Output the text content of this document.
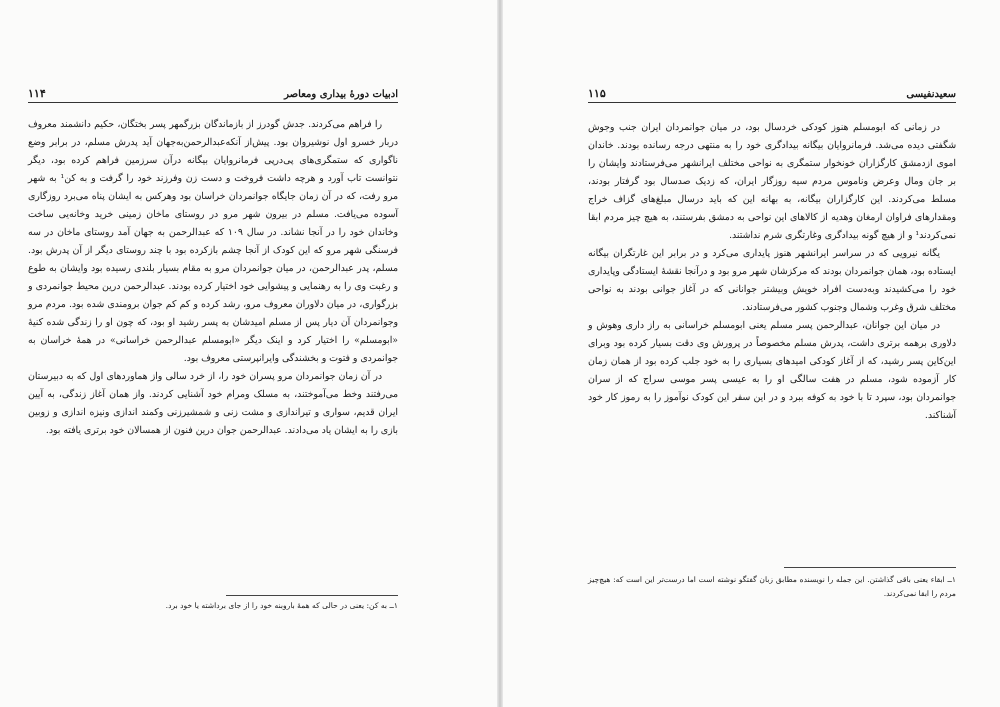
ادبیات دورهٔ بیداری ومعاصر
۱۱۴

را فراهم می‌کردند. جدش گودرز از بازماندگان بزرگمهر پسر بختگان، حکیم دانشمند معروف دربار خسرو اول نوشیروان بود. پیش‌از آنکه‌عبدالرحمن‌به‌جهان آید پدرش مسلم، در برابر وضع ناگواری که ستمگری‌های پی‌درپی فرمانروایان بیگانه درآن سرزمین فراهم کرده بود، دیگر نتوانست تاب آورد و هرچه داشت فروخت و دست زن وفرزند خود را گرفت و به کن¹ به شهر مرو رفت، که در آن زمان جایگاه جوانمردان خراسان بود وهرکس به ایشان پناه می‌برد روزگاری آسوده می‌یافت. مسلم در بیرون شهر مرو در روستای ماخان زمینی خرید وخانه‌یی ساخت وخاندان خود را در آنجا نشاند. در سال ۱۰۹ که عبدالرحمن به جهان آمد روستای ماخان در سه فرسنگی شهر مرو که این کودک از آنجا چشم بازکرده بود با چند روستای دیگر از آن پدرش بود. مسلم، پدر عبدالرحمن، در میان جوانمردان مرو به مقام بسیار بلندی رسیده بود وایشان به طوع و رغبت وی را به رهنمایی و پیشوایی خود اختیار کرده بودند. عبدالرحمن درین محیط جوانمردی و بزرگواری، در میان دلاوران معروف مرو، رشد کرده و کم کم جوان برومندی شده بود. مردم مرو وجوانمردان آن دیار پس از مسلم امیدشان به پسر رشید او بود، که چون او را زندگی شده کنیهٔ «ابومسلم» را اختیار کرد و اینک دیگر «ابومسلم عبدالرحمن خراسانی» در همهٔ خراسان به جوانمردی و فتوت و بخشندگی وایرانپرستی معروف بود.

در آن زمان جوانمردان مرو پسران خود را، از خرد سالی واز هماوردهای اول که به دبیرستان می‌رفتند وخط می‌آموختند، به مسلک ومرام خود آشنایی کردند. واز همان آغاز زندگی، به آیین ایران قدیم، سواری و تیراندازی و مشت زنی و شمشیرزنی وکمند اندازی ونیزه اندازی و زوبین بازی را به ایشان یاد می‌دادند. عبدالرحمن جوان درین فنون از همسالان خود برتری یافته بود.

۱ــ به کن: یعنی در حالی که همهٔ باروبنه خود را از جای برداشته یا خود برد.
سعیدنفیسی
۱۱۵

در زمانی که ابومسلم هنوز کودکی خردسال بود، در میان جوانمردان ایران جنب وجوش شگفتی دیده می‌شد. فرمانروایان بیگانه بیدادگری خود را به منتهی درجه رسانده بودند. خاندان اموی ازدمشق کارگزاران خونخوار ستمگری به نواحی مختلف ایرانشهر می‌فرستادند وایشان را بر جان ومال وعرض وناموس مردم سیه روزگار ایران، که زدیک صدسال بود گرفتار بودند، مسلط می‌کردند. این کارگزاران بیگانه، به بهانه این که باید درسال مبلغ‌های گزاف خراج ومقدارهای فراوان ارمغان وهدیه از کالاهای این نواحی به دمشق بفرستند، به هیچ چیز مردم ابقا نمی‌کردند¹ و از هیچ گونه بیدادگری وغارتگری شرم نداشتند.

یگانه نیرویی که در سراسر ایرانشهر هنوز پایداری می‌کرد و در برابر این غارتگران بیگانه ایستاده بود، همان جوانمردان بودند که مرکزشان شهر مرو بود و درآنجا نقشهٔ ایستادگی وپایداری خود را می‌کشیدند وبه‌دست افراد خویش وبیشتر جوانانی که در آغاز جوانی بودند به نواحی مختلف شرق وغرب وشمال وجنوب کشور می‌فرستادند.

در میان این جوانان، عبدالرحمن پسر مسلم یعنی ابومسلم خراسانی به راز داری وهوش و دلاوری برهمه برتری داشت، پدرش مسلم مخصوصاً در پرورش وی دقت بسیار کرده بود وبرای این‌کاین پسر رشید، که از آغاز کودکی امیدهای بسیاری را به خود جلب کرده بود از همان زمان کار آزموده شود، مسلم در هفت سالگی او را به عیسی پسر موسی سراج که از سران جوانمردان بود، سپرد تا با خود به کوفه ببرد و در این سفر این کودک نوآموز را به رموز کار خود آشناکند.

۱ــ ابقاء یعنی باقی گذاشتن. این جمله را نویسنده مطابق زبان گفتگو نوشته است اما درست‌تر این است که: هیچ‌چیز مردم را ابقا نمی‌کردند.
